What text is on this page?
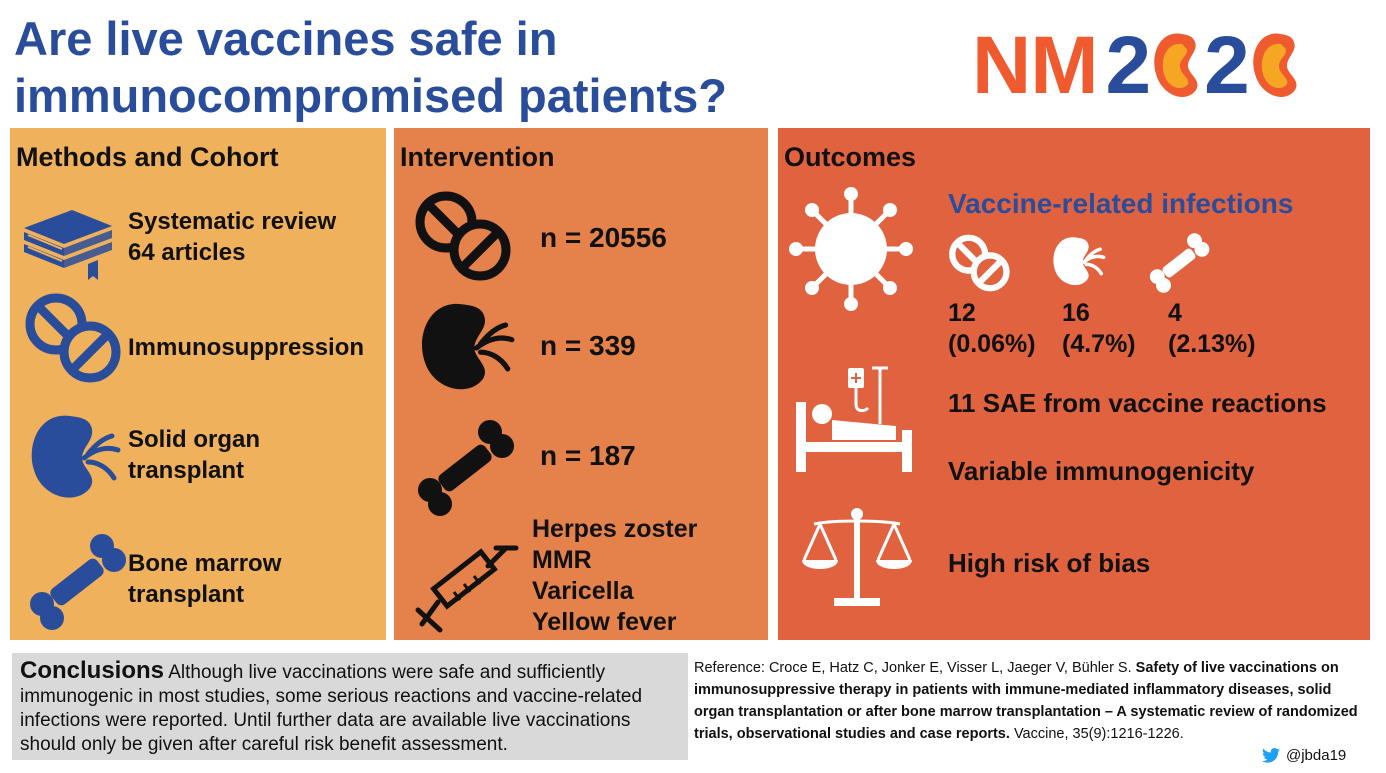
Are live vaccines safe in
immunocompromised patients?	NM 2 2
Methods and Cohort
Systematic review
64 articles
Immunosuppression
Solid organ
transplant
Bone marrow
transplant
Intervention
n = 20556
n = 339
n = 187
Herpes zoster
MMR
Varicella
Yellow fever
Outcomes
Vaccine-related infections
12
(0.06%)
16
(4.7%)
4
(2.13%)
11 SAE from vaccine reactions
Variable immunogenicity
High risk of bias
Conclusions Although live vaccinations were safe and sufficiently immunogenic in most studies, some serious reactions and vaccine-related infections were reported. Until further data are available live vaccinations should only be given after careful risk benefit assessment.
Reference: Croce E, Hatz C, Jonker E, Visser L, Jaeger V, Bühler S. Safety of live vaccinations on immunosuppressive therapy in patients with immune-mediated inflammatory diseases, solid organ transplantation or after bone marrow transplantation – A systematic review of randomized trials, observational studies and case reports. Vaccine, 35(9):1216-1226.
@jbda19
